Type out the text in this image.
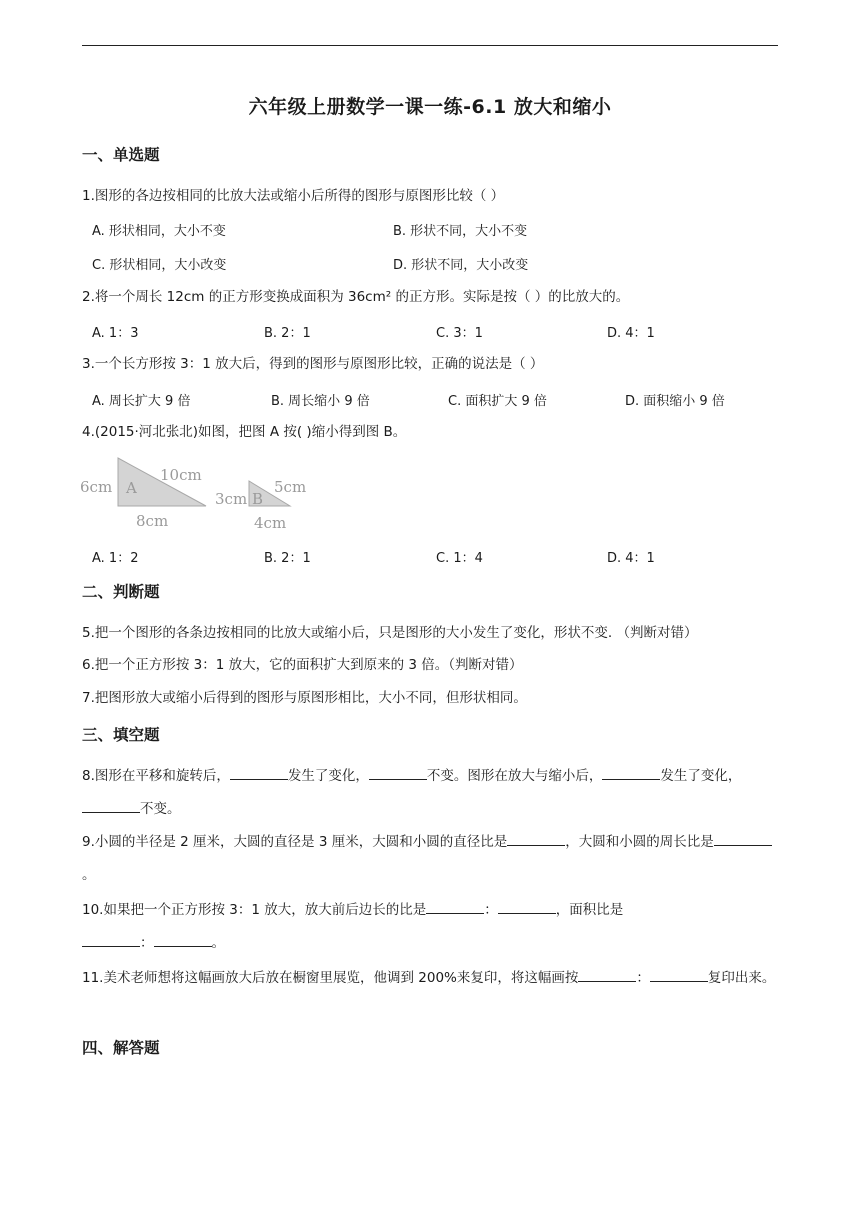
六年级上册数学一课一练-6.1 放大和缩小
一、单选题
1.图形的各边按相同的比放大法或缩小后所得的图形与原图形比较（ ）
A. 形状相同，大小不变	B. 形状不同，大小不变
C. 形状相同，大小改变	D. 形状不同，大小改变
2.将一个周长 12cm 的正方形变换成面积为 36cm² 的正方形。实际是按（ ）的比放大的。
A. 1：3	B. 2：1	C. 3：1	D. 4：1
3.一个长方形按 3：1 放大后，得到的图形与原图形比较，正确的说法是（ ）
A. 周长扩大 9 倍	B. 周长缩小 9 倍	C. 面积扩大 9 倍	D. 面积缩小 9 倍
4.(2015·河北张北)如图，把图 A 按( )缩小得到图 B。
6cm A
10cm
8cm
3cm B
5cm
4cm
A. 1：2	B. 2：1	C. 1：4	D. 4：1
二、判断题
5.把一个图形的各条边按相同的比放大或缩小后，只是图形的大小发生了变化，形状不变. （判断对错）
6.把一个正方形按 3：1 放大，它的面积扩大到原来的 3 倍。（判断对错）
7.把图形放大或缩小后得到的图形与原图形相比，大小不同，但形状相同。
三、填空题
8.图形在平移和旋转后，	发生了变化，	不变。图形在放大与缩小后，	发生了变化，不变。
9.小圆的半径是 2 厘米，大圆的直径是 3 厘米，大圆和小圆的直径比是	，大圆和小圆的周长比是。
10.如果把一个正方形按 3：1 放大，放大前后边长的比是	：	，面积比是：	。
11.美术老师想将这幅画放大后放在橱窗里展览，他调到 200%来复印，将这幅画按	：	复印出来。
四、解答题
